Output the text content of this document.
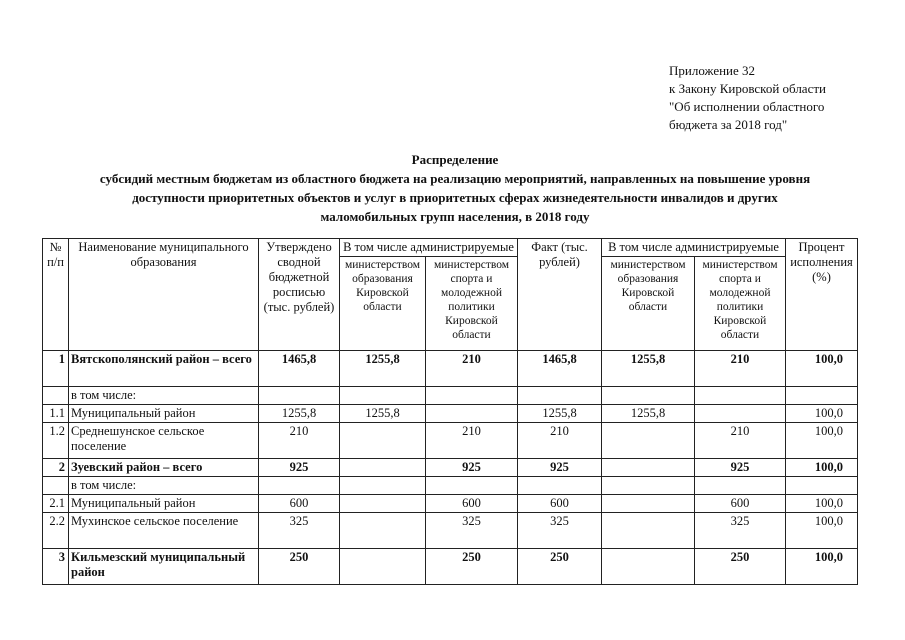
Приложение 32
к Закону Кировской области
"Об исполнении областного
бюджета за 2018 год"
Распределение
субсидий местным бюджетам из областного бюджета на реализацию мероприятий, направленных на повышение уровня
доступности приоритетных объектов и услуг в приоритетных сферах жизнедеятельности инвалидов и других
маломобильных групп населения, в 2018 году
№ п/п	Наименование муниципального образования	Утверждено сводной бюджетной росписью (тыс. рублей)	В том числе администрируемые		Факт (тыс. рублей)	В том числе администрируемые		Процент исполнения (%)
			министерством образования Кировской области	министерством спорта и молодежной политики Кировской области		министерством образования Кировской области	министерством спорта и молодежной политики Кировской области	
1	Вятскополянский район – всего	1465,8	1255,8	210	1465,8	1255,8	210	100,0
	в том числе:							
1.1	Муниципальный район	1255,8	1255,8		1255,8	1255,8		100,0
1.2	Среднешунское сельское поселение	210		210	210		210	100,0
2	Зуевский район – всего	925		925	925		925	100,0
	в том числе:							
2.1	Муниципальный район	600		600	600		600	100,0
2.2	Мухинское сельское поселение	325		325	325		325	100,0
3	Кильмезский муниципальный район	250		250	250		250	100,0
